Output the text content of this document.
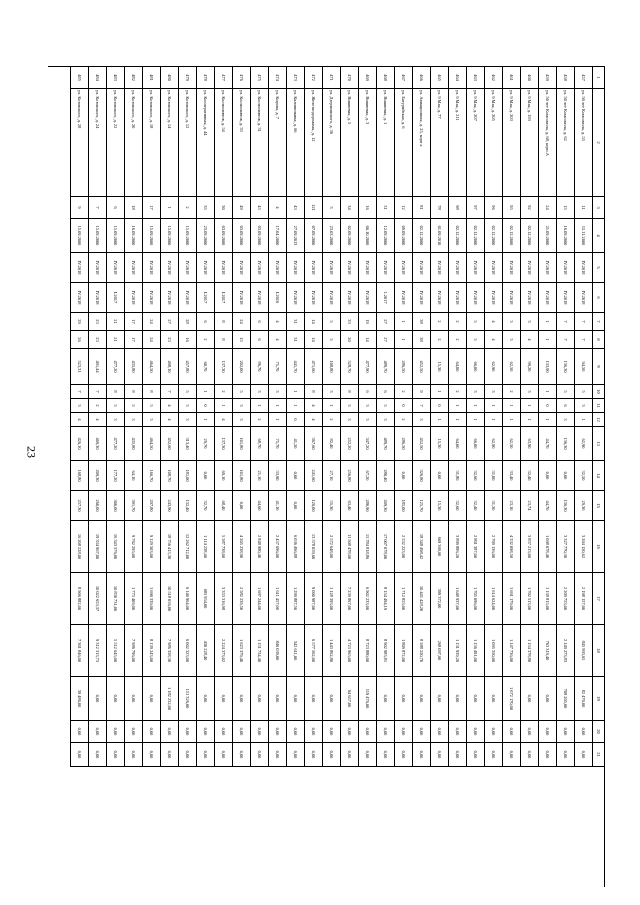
23
1
2
3
4
5
6
7
8
9
10
11
12
13
14
15
16
17
18
19
20
21
457
ул. 50 лет Комсомола, д. 55
11
15.11.2000
IV.2018
IV.2018
7
7
94,50
5
3
1
62,90
32,50
29,30
3 204 150,62
2 198 157,00
845 993,65
82 470,00
0,00
0,00
458
ул. 50 лет Комсомола, д. 62
15
16.09.2000
IV.2018
IV.2018
7
7
136,30
5
6
3
136,30
0,00
136,30
3 327 770,30
2 209 753,00
2 149 273,83
708 205,00
0,00
0,00
459
ул. 50 лет Комсомола, д. 68, корп.А
24
21.09.2000
IV.2018
IV.2018
1
1
133,90
1
0
1
44,70
0,00
44,70
1 098 078,40
1 158 815,00
763 319,40
0,00
0,00
0,00
460
ул. 9 Мая, д. 193
92
02.12.2000
IV.2018
IV.2018
3
4
99,20
3
1
1
63,90
32,40
23,74
3 857 213,00
1 702 513,00
1 154 378,80
0,00
0,00
0,00
461
ул. 9 Мая, д. 203
95
02.12.2000
IV.2018
IV.2018
3
3
62,50
2
1
1
62,50
33,40
23,10
4 332 098,50
1 691 179,00
1 147 736,00
1 072 170,00
0,00
0,00
462
ул. 9 Мая, д. 205
96
02.12.2000
IV.2018
IV.2018
4
4
62,90
3
1
1
62,90
31,00
31,30
2 709 136,00
1 614 624,00
1 095 350,00
0,00
0,00
0,00
463
ул. 9 Мая, д. 207
97
02.12.2000
IV.2018
IV.2018
5
5
66,00
3
1
1
66,00
32,60
32,40
2 801 387,00
1 705 096,00
1 156 491,00
0,00
0,00
0,00
464
ул. 9 Мая, д. 211
98
02.12.2000
IV.2018
IV.2018
2
2
64,00
2
1
1
64,00
31,80
32,60
3 899 886,20
1 648 937,00
1 131 939,20
0,00
0,00
0,00
465
ул. 9 Мая, д. 77
78
01.09.2010
IV.2018
IV.2018
2
2
15,30
1
0
1
15,30
0,00
15,30
669 369,60
399 372,00
268 097,60
0,00
0,00
0,00
466
ул. Авиационная, д. 25, корп а
81
02.12.2000
IV.2018
IV.2018
38
38
452,50
9
7
3
452,50
326,80
125,70
18 348 498,42
10 441 428,20
8 588 220,70
0,00
0,00
0,00
467
ул. Батурийская, д. 6
12
09.09.2000
IV.2018
IV.2018
1
1
286,50
2
0
2
286,50
0,00
185,00
2 532 223,00
1 712 853,00
1 809 872,00
0,00
0,00
0,00
468
ул. Вишневая, д. 1
31
12.09.2000
IV.2018
1.2017
27
27
489,70
6
5
3
489,70
280,40
209,30
17 007 078,00
8 154 494,19
8 902 983,81
0,00
0,00
0,00
469
ул. Вишневая, д. 3
16
06.10.2000
IV.2018
IV.2018
19
14
477,90
6
3
3
347,20
67,20
280,90
15 784 818,86
6 902 233,00
8 723 880,00
119 476,00
0,00
0,00
470
ул. Вишневая, д. 5
34
02.09.2000
IV.2018
IV.2018
33
20
528,70
8
3
3
252,20
256,80
63,40
11 508 478,00
7 239 867,00
4 723 965,00
94 657,00
0,00
0,00
471
ул. Дзержинского, д. 36
3
23.03.2000
IV.2018
IV.2018
5
5
108,80
3
1
2
82,40
27,10
55,30
2 572 648,00
1 128 393,00
1 443 862,80
0,00
0,00
0,00
472
ул. Железнодорожная, д. 12
121
07.09.2000
IV.2018
IV.2018
14
14
471,60
8
4
4
367,60
241,60
126,00
13 578 059,60
9 000 987,00
6 577 562,00
0,00
0,00
0,00
473
ул. Калиничкина, д. 66
43
27.09.2013
IV.2018
IV.2018
31
31
441,70
1
1
0
41,20
0,00
0,00
6 036 496,88
1 299 887,50
342 611,00
0,00
0,00
0,00
474
ул. Кирова, д. 7
4
17.04.2000
IV.2018
I.2016
4
4
75,70
3
1
1
75,70
33,90
41,10
2 457 696,00
1 611 457,00
846 039,00
0,00
0,00
0,00
475
ул. Космонавтов, д. 31
45
03.09.2000
IV.2018
IV.2018
6
6
86,70
3
1
2
68,70
21,10
44,60
2 848 980,40
1 697 244,00
1 151 734,40
0,00
0,00
0,00
476
ул. Космонавтов, д. 33
49
03.09.2000
IV.2018
IV.2018
24
15
202,00
5
3
3
101,80
101,80
0,00
4 205 238,90
2 582 239,50
1 623 379,40
0,00
0,00
0,00
477
ул. Космонавтов, д. 54
30
03.09.2000
IV.2018
I.2017
8
8
137,30
2
1
4
137,30
69,10
68,40
5 587 738,00
3 353 316,98
2 224 373,02
0,00
0,00
0,00
478
ул. Кооперативная, д. 44
35
23.09.2000
IV.2018
I.2017
6
2
60,70
1
0
1
29,70
0,00
32,70
1 114 238,40
685 954,00
430 228,40
0,00
0,00
0,00
479
ул. Котовского, д. 12
2
15.09.2000
IV.2018
IV.2018
28
16
457,80
5
3
3
313,40
181,00
132,40
12 262 712,00
6 140 964,00
6 002 323,00
151 326,00
0,00
0,00
480
ул. Котовского, д. 14
1
15.09.2000
IV.2018
IV.2018
27
23
498,10
7
4
4
452,60
108,70
243,90
18 756 415,30
10 518 056,00
7 986 358,30
1 182 232,00
0,00
0,00
481
ул. Котовского, д. 18
17
15.09.2000
IV.2018
IV.2018
24
24
464,50
8
5
3
464,50
166,70
297,80
9 129 503,00
1 690 339,00
8 139 243,00
0,00
0,00
0,00
482
ул. Котовского, д. 20
18
16.09.2000
IV.2018
IV.2018
17
17
435,80
8
5
3
435,80
64,10
391,70
9 762 295,00
1 773 409,00
7 986 796,00
0,00
0,00
0,00
483
ул. Котовского, д. 22
6
15.09.2000
IV.2018
I.2017
21
21
477,20
8
5
3
477,20
177,20
300,00
16 343 376,00
10 830 731,00
5 512 645,00
0,00
0,00
0,00
484
ул. Котовского, д. 24
7
15.09.2000
IV.2018
IV.2018
23
23
491,44
7
2
4
469,30
209,30
260,00
19 334 967,00
10 022 653,37
9 312 313,73
0,00
0,00
0,00
485
ул. Котовского, д. 28
9
15.09.2000
IV.2018
IV.2018
29
26
523,31
7
3
4
426,10
168,80
257,30
16 208 228,00
8 906 882,00
7 301 846,00
39 480,00
0,00
0,00
